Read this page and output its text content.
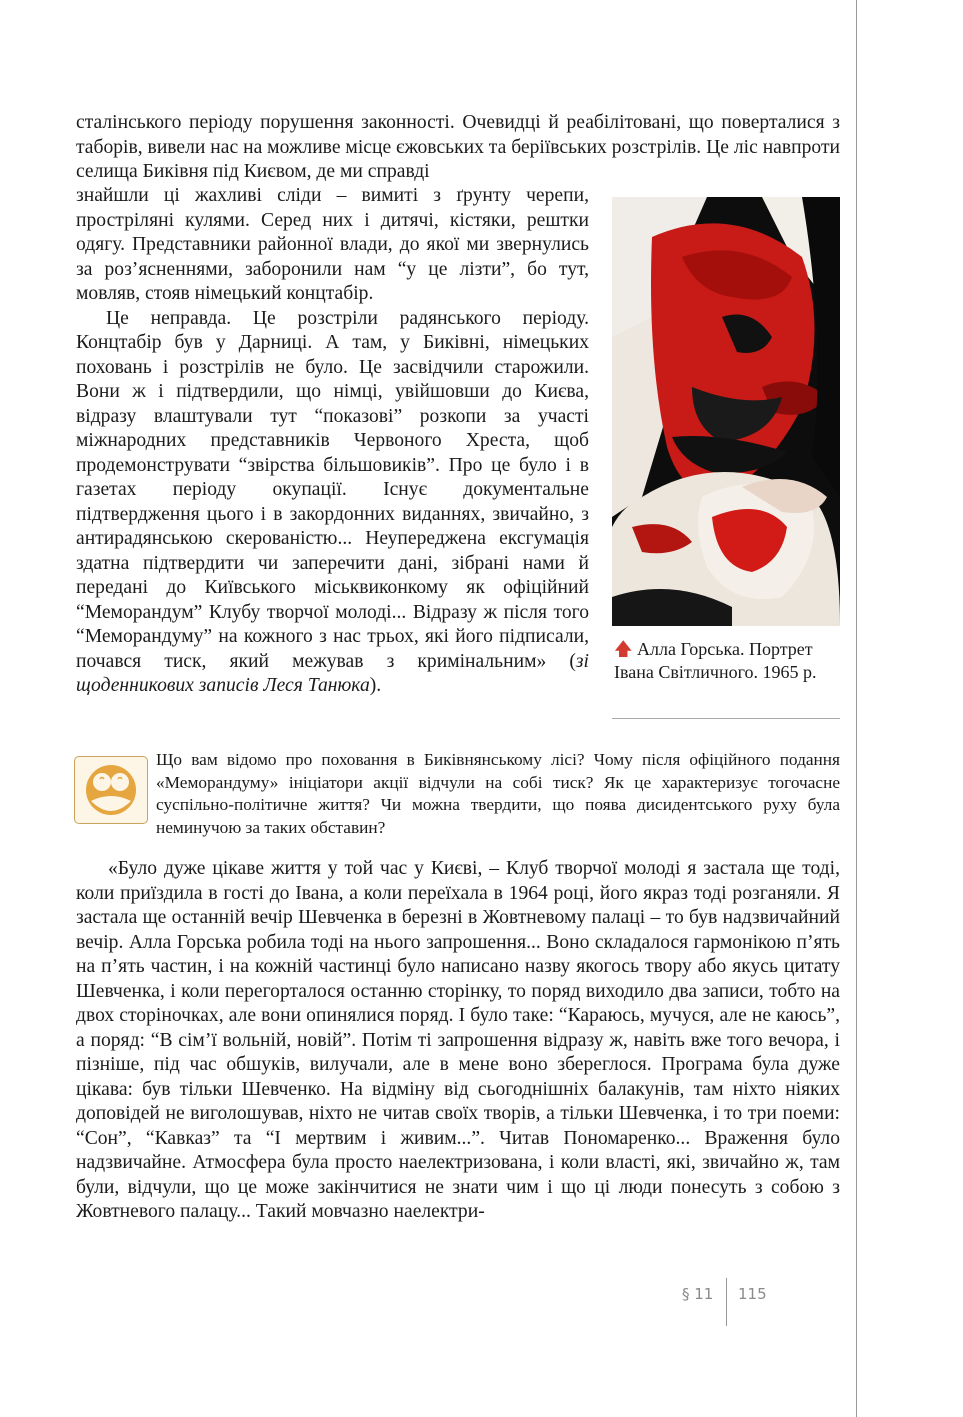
сталінського періоду порушення законності. Очевидці й реабілітовані, що поверталися з таборів, вивели нас на можливе місце єжовських та беріївських розстрілів. Це ліс навпроти селища Биківня під Києвом, де ми справді

знайшли ці жахливі сліди – вимиті з ґрунту черепи, простріляні кулями. Серед них і дитячі, кістяки, рештки одягу. Представники районної влади, до якої ми звернулись за роз’ясненнями, заборонили нам “у це лізти”, бо тут, мовляв, стояв німецький концтабір.

Це неправда. Це розстріли радянського періоду. Концтабір був у Дарниці. А там, у Биківні, німецьких поховань і розстрілів не було. Це засвідчили старожили. Вони ж і підтвердили, що німці, увійшовши до Києва, відразу влаштували тут “показові” розкопи за участі міжнародних представників Червоного Хреста, щоб продемонструвати “звірства більшовиків”. Про це було і в газетах періоду окупації. Існує документальне підтвердження цього і в закордонних виданнях, звичайно, з антирадянською скерованістю... Неупереджена ексгумація здатна підтвердити чи заперечити дані, зібрані нами й передані до Київського міськвиконкому як офіційний “Меморандум” Клубу творчої молоді... Відразу ж після того “Меморандуму” на кожного з нас трьох, які його підписали, почався тиск, який межував з кримінальним» (зі щоденникових записів Леся Танюка).

🡅 Алла Горська. Портрет Івана Світличного. 1965 р.

Що вам відомо про поховання в Биківнянському лісі? Чому після офіційного подання «Меморандуму» ініціатори акції відчули на собі тиск? Як це характеризує тогочасне суспільно-політичне життя? Чи можна твердити, що поява дисидентського руху була неминучою за таких обставин?

«Було дуже цікаве життя у той час у Києві, – Клуб творчої молоді я застала ще тоді, коли приїздила в гості до Івана, а коли переїхала в 1964 році, його якраз тоді розганяли. Я застала ще останній вечір Шевченка в березні в Жовтневому палаці – то був надзвичайний вечір. Алла Горська робила тоді на нього запрошення... Воно складалося гармонікою п’ять на п’ять частин, і на кожній частинці було написано назву якогось твору або якусь цитату Шевченка, і коли перегорталося останню сторінку, то поряд виходило два записи, тобто на двох сторіночках, але вони опинялися поряд. І було таке: “Караюсь, мучуся, але не каюсь”, а поряд: “В сім’ї вольній, новій”. Потім ті запрошення відразу ж, навіть вже того вечора, і пізніше, під час обшуків, вилучали, але в мене воно збереглося. Програма була дуже цікава: був тільки Шевченко. На відміну від сьогоднішніх балакунів, там ніхто ніяких доповідей не виголошував, ніхто не читав своїх творів, а тільки Шевченка, і то три поеми: “Сон”, “Кавказ” та “І мертвим і живим...”. Читав Пономаренко... Враження було надзвичайне. Атмосфера була просто наелектризована, і коли власті, які, звичайно ж, там були, відчули, що це може закінчитися не знати чим і що ці люди понесуть з собою з Жовтневого палацу... Такий мовчазно наелектри-

§ 11 115
